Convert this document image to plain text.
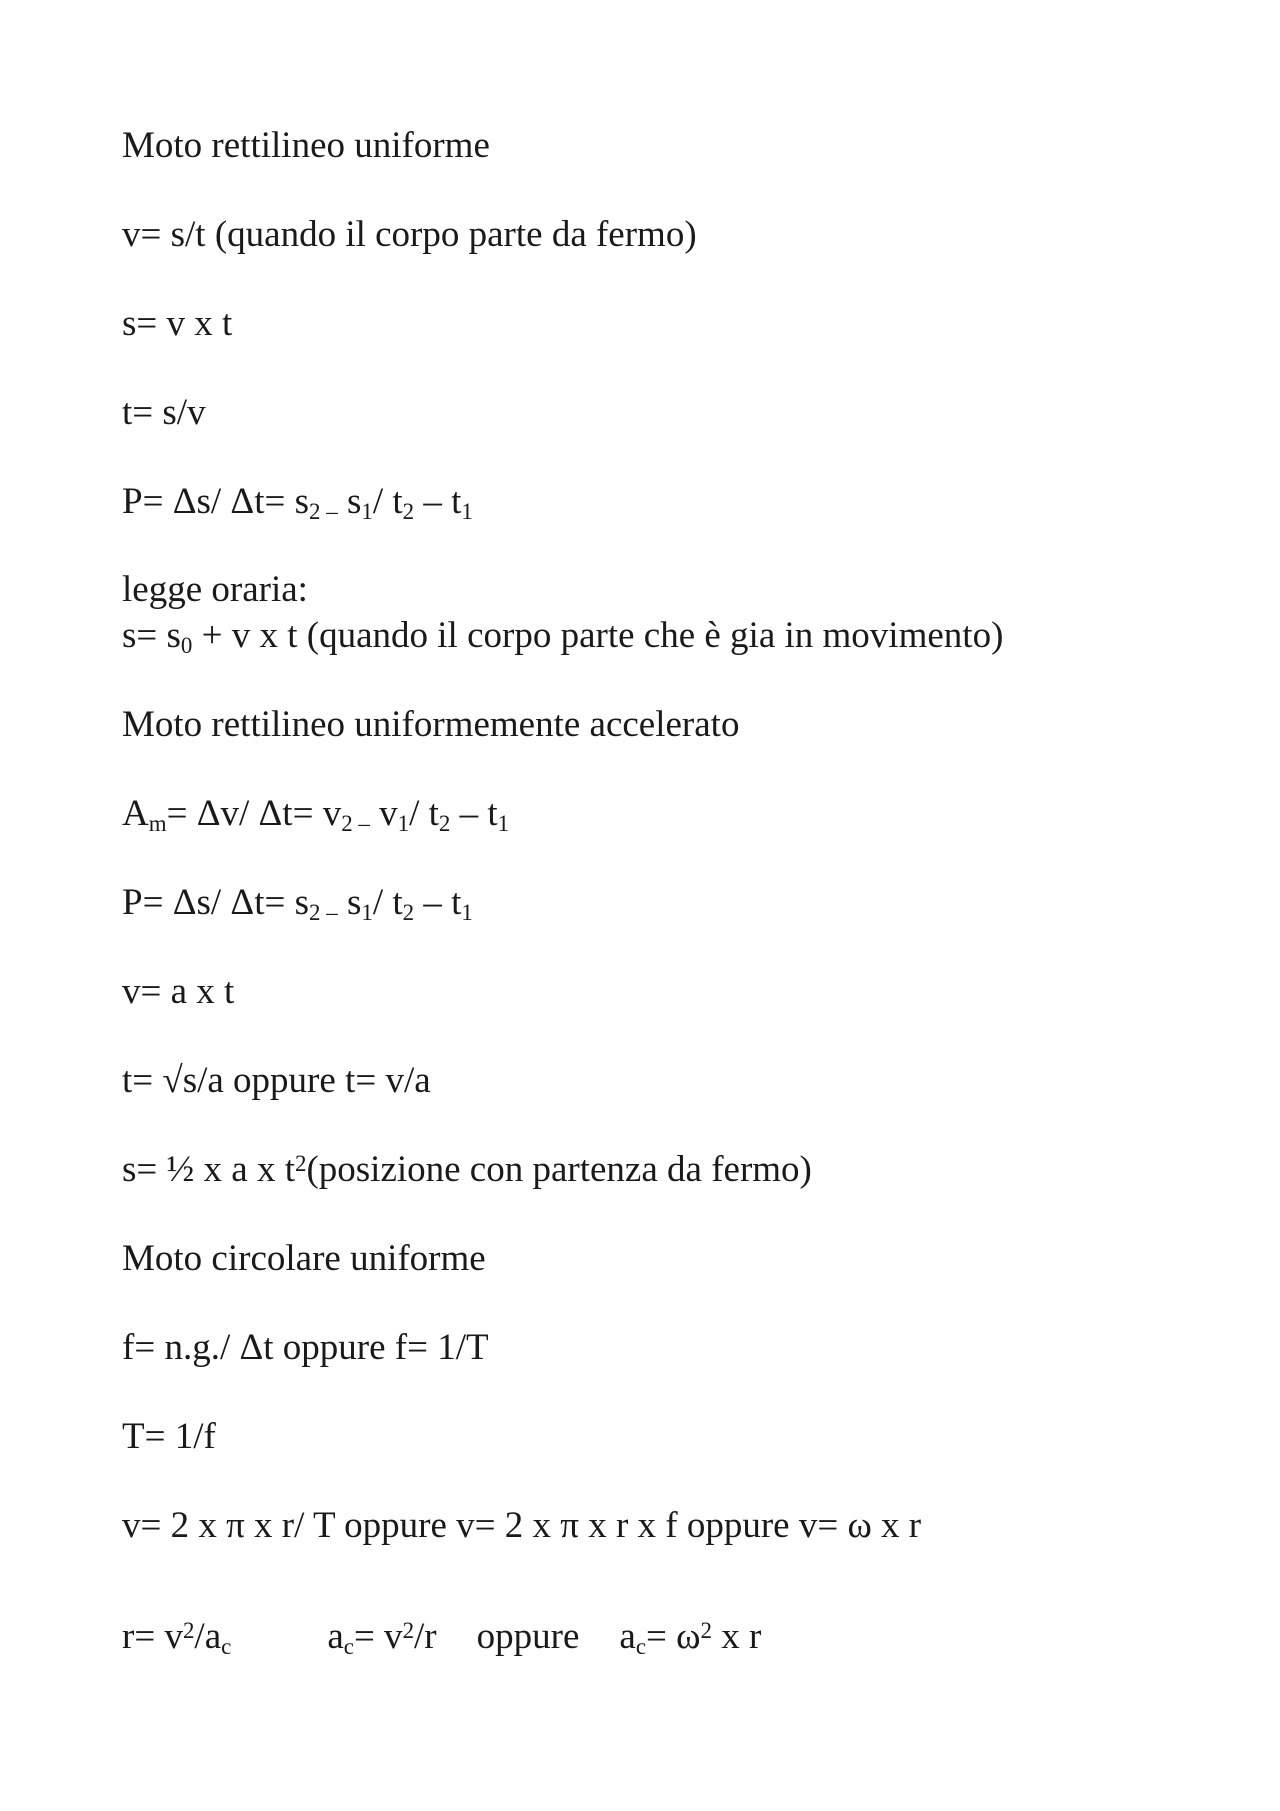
Moto rettilineo uniforme
v= s/t (quando il corpo parte da fermo)
s= v x t
t= s/v
P= Δs/ $\Delta t= s_{2 -}$ $s_1/$ $t_2 - t_1$
legge oraria:
$s= s_0 + v$ x t (quando il corpo parte che è gia in movimento)
Moto rettilineo uniformemente accelerato
$A_m= \Delta v/$ $\Delta t= v_{2 -}$ $v_1/$ $t_2 - t_1$
P= Δs/ $\Delta t= s_{2 -}$ $s_1/$ $t_2 - t_1$
v= a x t
t= √s/a oppure t= v/a
s= ½ x a x $t^2(posizione$ con partenza da fermo)
Moto circolare uniforme
f= n.g./ Δt oppure f= 1/T
T= 1/f
v= 2 x π x r/ T oppure v= 2 x π x r x f oppure v= ω x r
$r= v^2/a_c$	$a_c= v^2/r$ oppure $a_c= \omega^2$ x r
